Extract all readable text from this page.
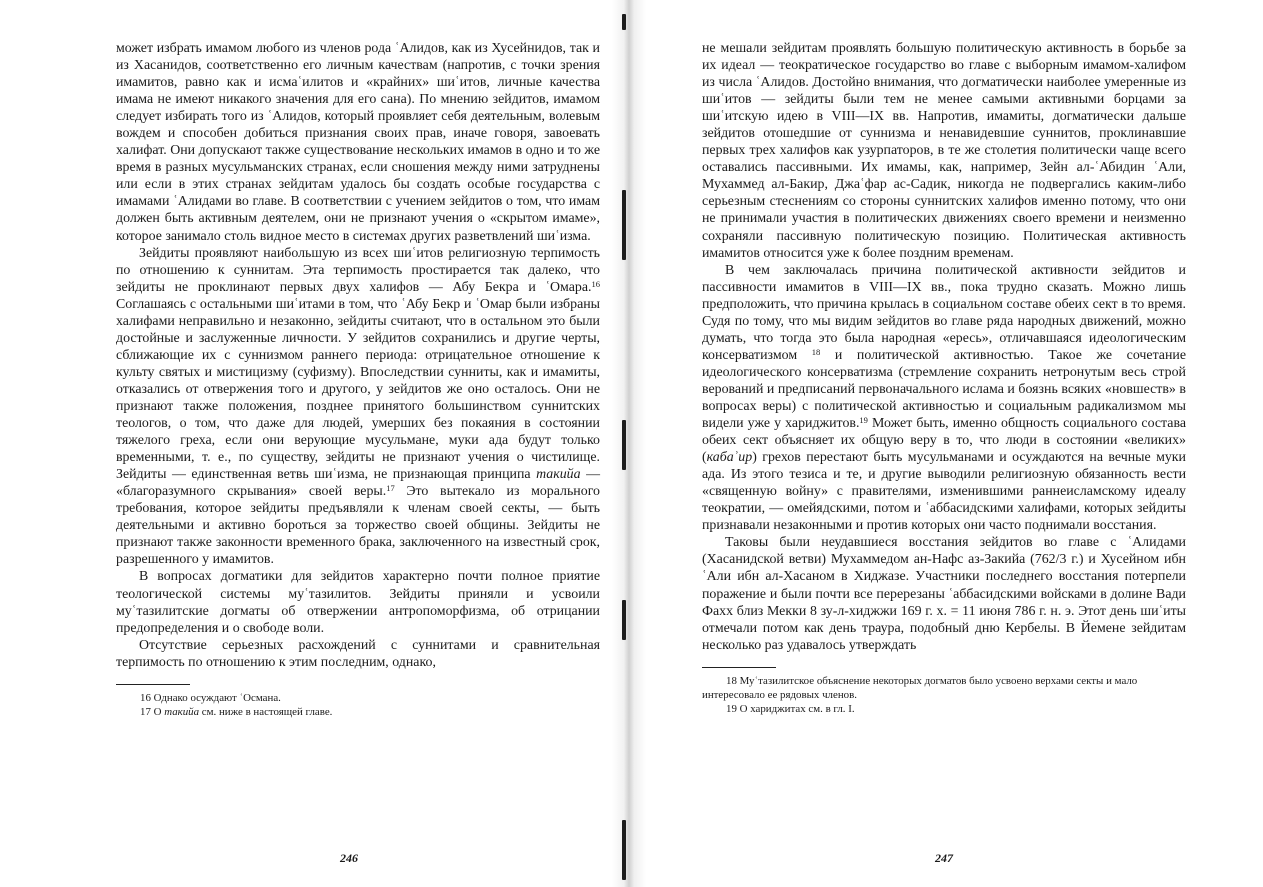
может избрать имамом любого из членов рода ʿАлидов, как из Хусейнидов, так и из Хасанидов, соответственно его личным качествам (напротив, с точки зрения имамитов, равно как и исмаʿилитов и «крайних» шиʿитов, личные качества имама не имеют никакого значения для его сана). По мнению зейдитов, имамом следует избирать того из ʿАлидов, который проявляет себя деятельным, волевым вождем и способен добиться признания своих прав, иначе говоря, завоевать халифат. Они допускают также существование нескольких имамов в одно и то же время в разных мусульманских странах, если сношения между ними затруднены или если в этих странах зейдитам удалось бы создать особые государства с имамами ʿАлидами во главе. В соответствии с учением зейдитов о том, что имам должен быть активным деятелем, они не признают учения о «скрытом имаме», которое занимало столь видное место в системах других разветвлений шиʿизма.

Зейдиты проявляют наибольшую из всех шиʿитов религиозную терпимость по отношению к суннитам. Эта терпимость простирается так далеко, что зейдиты не проклинают первых двух халифов — Абу Бекра и ʿОмара.$^{16}$ Соглашаясь с остальными шиʿитами в том, что ʿАбу Бекр и ʿОмар были избраны халифами неправильно и незаконно, зейдиты считают, что в остальном это были достойные и заслуженные личности. У зейдитов сохранились и другие черты, сближающие их с суннизмом раннего периода: отрицательное отношение к культу святых и мистицизму (суфизму). Впоследствии сунниты, как и имамиты, отказались от отвержения того и другого, у зейдитов же оно осталось. Они не признают также положения, позднее принятого большинством суннитских теологов, о том, что даже для людей, умерших без покаяния в состоянии тяжелого греха, если они верующие мусульмане, муки ада будут только временными, т. е., по существу, зейдиты не признают учения о чистилище. Зейдиты — единственная ветвь шиʿизма, не признающая принципа такийа — «благоразумного скрывания» своей веры.$^{17}$ Это вытекало из морального требования, которое зейдиты предъявляли к членам своей секты, — быть деятельными и активно бороться за торжество своей общины. Зейдиты не признают также законности временного брака, заключенного на известный срок, разрешенного у имамитов.

В вопросах догматики для зейдитов характерно почти полное приятие теологической системы муʿтазилитов. Зейдиты приняли и усвоили муʿтазилитские догматы об отвержении антропоморфизма, об отрицании предопределения и о свободе воли.

Отсутствие серьезных расхождений с суннитами и сравнительная терпимость по отношению к этим последним, однако,

16 Однако осуждают ʿОсмана.

17 О такийа см. ниже в настоящей главе.

246

не мешали зейдитам проявлять большую политическую активность в борьбе за их идеал — теократическое государство во главе с выборным имамом-халифом из числа ʿАлидов. Достойно внимания, что догматически наиболее умеренные из шиʿитов — зейдиты были тем не менее самыми активными борцами за шиʿитскую идею в VIII—IX вв. Напротив, имамиты, догматически дальше зейдитов отошедшие от суннизма и ненавидевшие суннитов, проклинавшие первых трех халифов как узурпаторов, в те же столетия политически чаще всего оставались пассивными. Их имамы, как, например, Зейн ал-ʿАбидин ʿАли, Мухаммед ал-Бакир, Джаʿфар ас-Садик, никогда не подвергались каким-либо серьезным стеснениям со стороны суннитских халифов именно потому, что они не принимали участия в политических движениях своего времени и неизменно сохраняли пассивную политическую позицию. Политическая активность имамитов относится уже к более поздним временам.

В чем заключалась причина политической активности зейдитов и пассивности имамитов в VIII—IX вв., пока трудно сказать. Можно лишь предположить, что причина крылась в социальном составе обеих сект в то время. Судя по тому, что мы видим зейдитов во главе ряда народных движений, можно думать, что тогда это была народная «ересь», отличавшаяся идеологическим консерватизмом $^{18}$ и политической активностью. Такое же сочетание идеологического консерватизма (стремление сохранить нетронутым весь строй верований и предписаний первоначального ислама и боязнь всяких «новшеств» в вопросах веры) с политической активностью и социальным радикализмом мы видели уже у хариджитов.$^{19}$ Может быть, именно общность социального состава обеих сект объясняет их общую веру в то, что люди в состоянии «великих» (кабаʾир) грехов перестают быть мусульманами и осуждаются на вечные муки ада. Из этого тезиса и те, и другие выводили религиозную обязанность вести «священную войну» с правителями, изменившими раннеисламскому идеалу теократии, — омейядскими, потом и ʿаббасидскими халифами, которых зейдиты признавали незаконными и против которых они часто поднимали восстания.

Таковы были неудавшиеся восстания зейдитов во главе с ʿАлидами (Хасанидской ветви) Мухаммедом ан-Нафс аз-Закийа (762/3 г.) и Хусейном ибн ʿАли ибн ал-Хасаном в Хиджазе. Участники последнего восстания потерпели поражение и были почти все перерезаны ʿаббасидскими войсками в долине Вади Фахх близ Мекки 8 зу-л-хиджжи 169 г. х. = 11 июня 786 г. н. э. Этот день шиʿиты отмечали потом как день траура, подобный дню Кербелы. В Йемене зейдитам несколько раз удавалось утверждать

18 Муʿтазилитское объяснение некоторых догматов было усвоено верхами секты и мало интересовало ее рядовых членов.

19 О хариджитах см. в гл. I.

247
